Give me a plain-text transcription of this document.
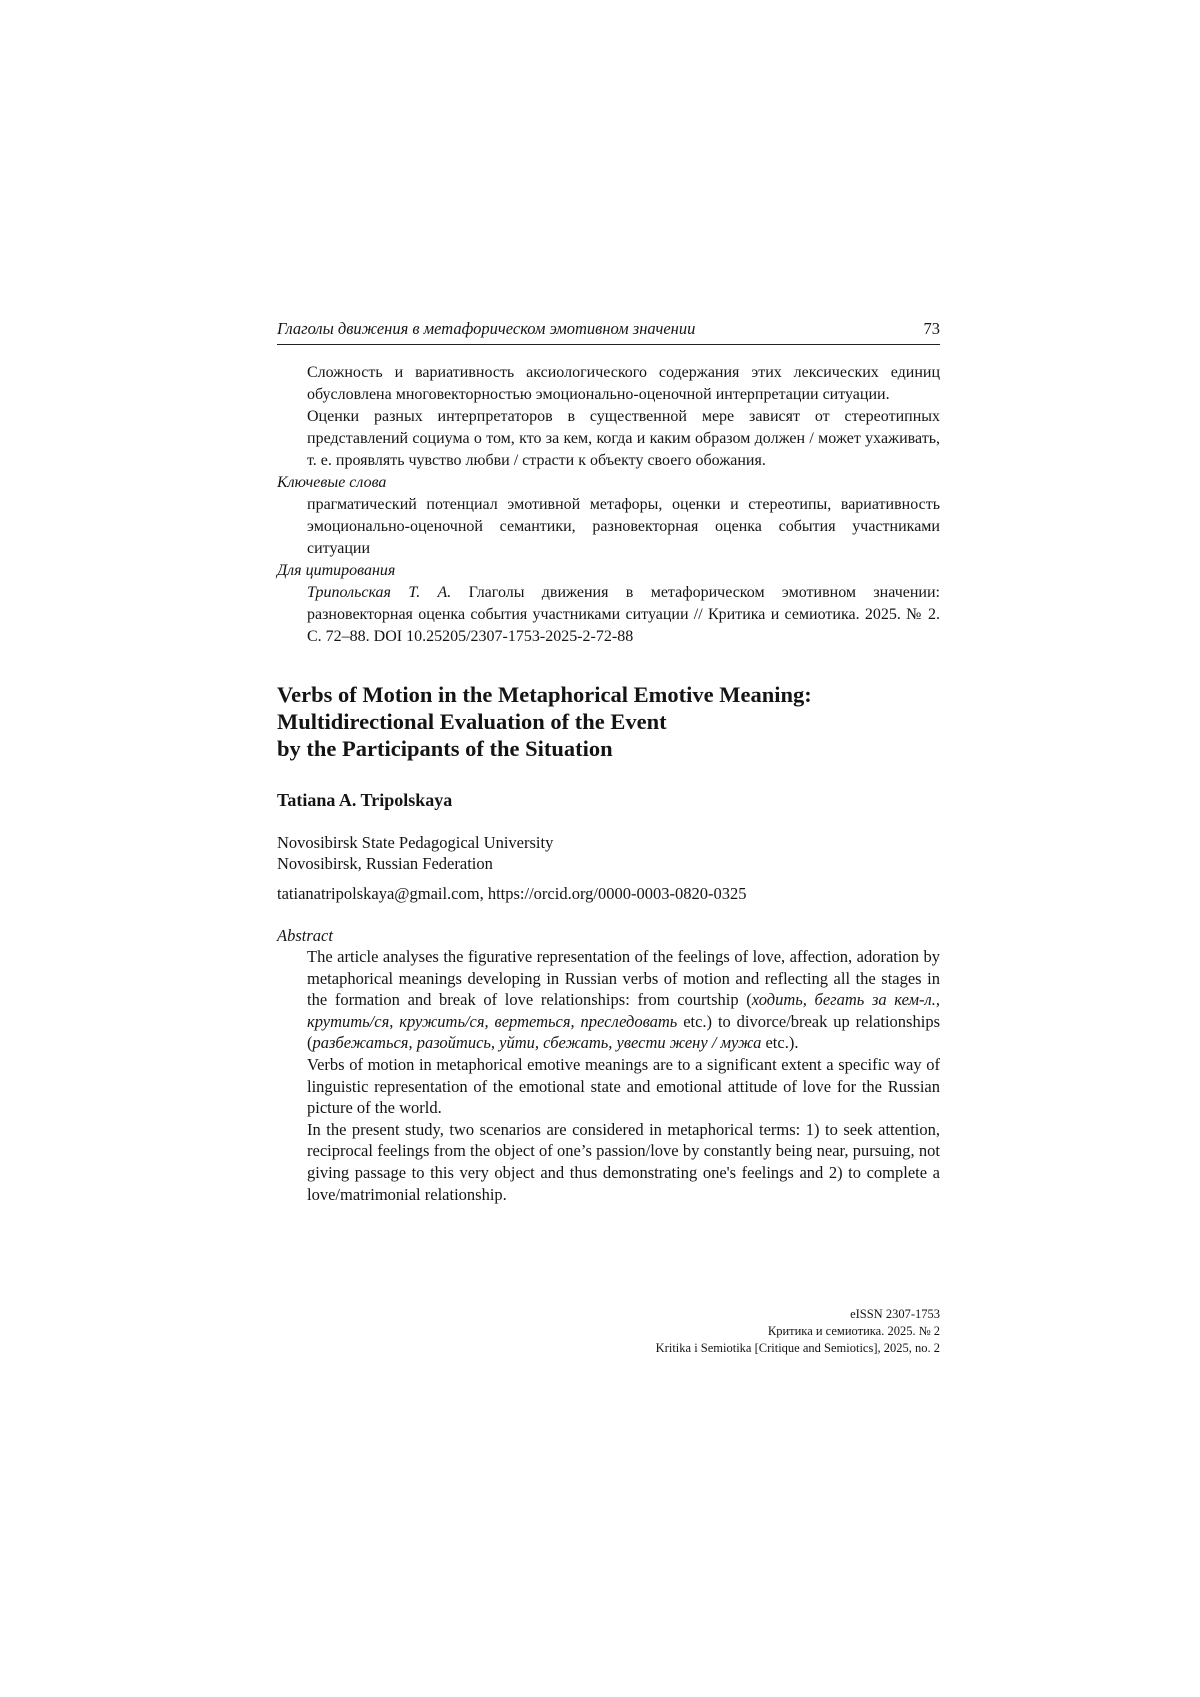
Глаголы движения в метафорическом эмотивном значении	73

Сложность и вариативность аксиологического содержания этих лексических единиц обусловлена многовекторностью эмоционально-оценочной интерпретации ситуации.

Оценки разных интерпретаторов в существенной мере зависят от стереотипных представлений социума о том, кто за кем, когда и каким образом должен / может ухаживать, т. е. проявлять чувство любви / страсти к объекту своего обожания.

Ключевые слова

прагматический потенциал эмотивной метафоры, оценки и стереотипы, вариативность эмоционально-оценочной семантики, разновекторная оценка события участниками ситуации

Для цитирования

Трипольская Т. А. Глаголы движения в метафорическом эмотивном значении: разновекторная оценка события участниками ситуации // Критика и семиотика. 2025. № 2. С. 72–88. DOI 10.25205/2307-1753-2025-2-72-88

Verbs of Motion in the Metaphorical Emotive Meaning:
Multidirectional Evaluation of the Event
by the Participants of the Situation
Tatiana A. Tripolskaya
Novosibirsk State Pedagogical University
Novosibirsk, Russian Federation
tatianatripolskaya@gmail.com, https://orcid.org/0000-0003-0820-0325
Abstract

The article analyses the figurative representation of the feelings of love, affection, adoration by metaphorical meanings developing in Russian verbs of motion and reflecting all the stages in the formation and break of love relationships: from courtship (ходить, бегать за кем-л., крутить/ся, кружить/ся, вертеться, преследовать etc.) to divorce/break up relationships (разбежаться, разойтись, уйти, сбежать, увести жену / мужа etc.).

Verbs of motion in metaphorical emotive meanings are to a significant extent a specific way of linguistic representation of the emotional state and emotional attitude of love for the Russian picture of the world.

In the present study, two scenarios are considered in metaphorical terms: 1) to seek attention, reciprocal feelings from the object of one’s passion/love by constantly being near, pursuing, not giving passage to this very object and thus demonstrating one's feelings and 2) to complete a love/matrimonial relationship.

eISSN 2307-1753
Критика и семиотика. 2025. № 2
Kritika i Semiotika [Critique and Semiotics], 2025, no. 2
